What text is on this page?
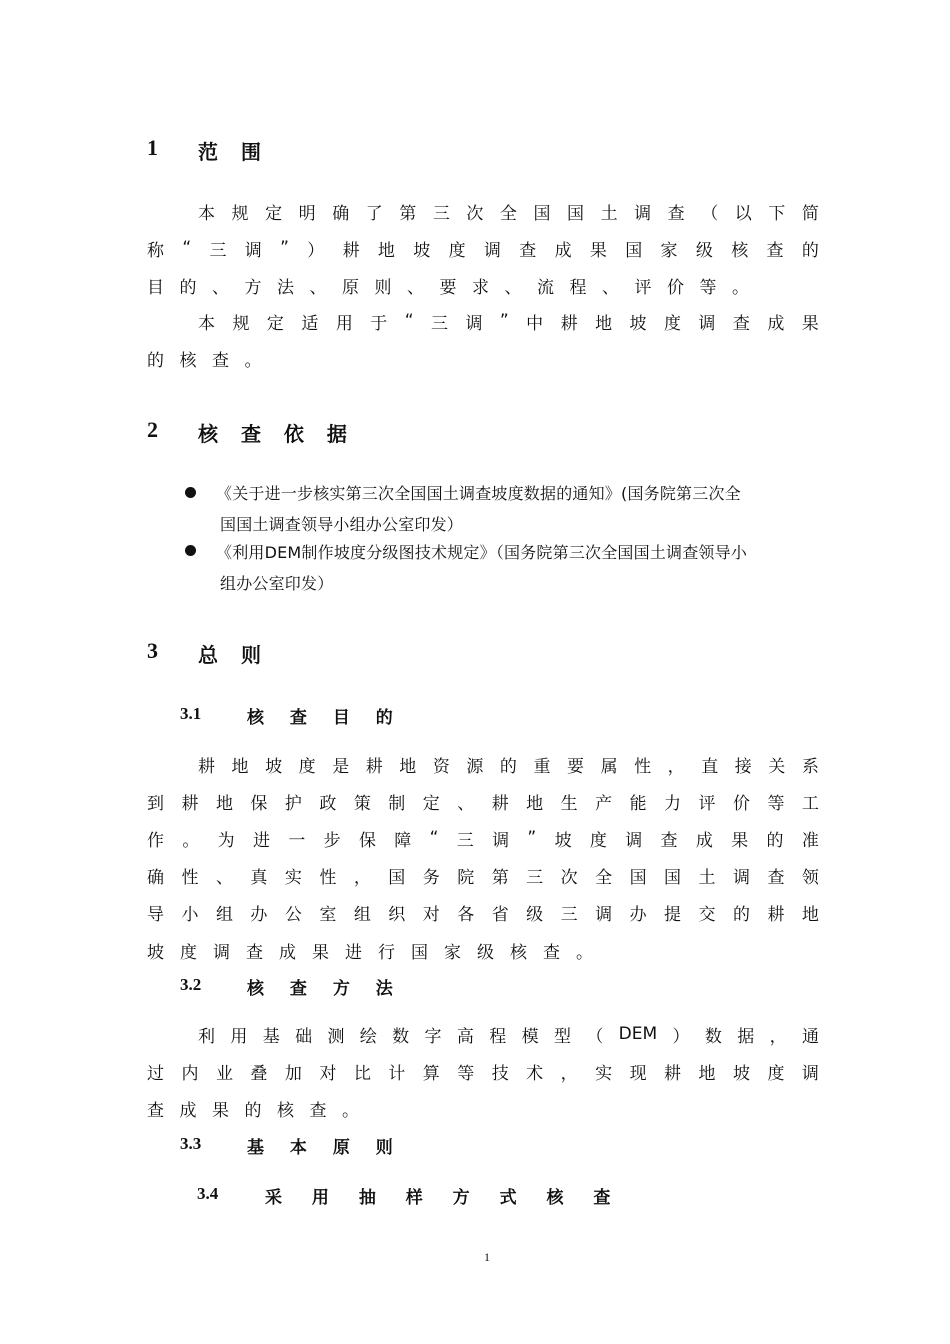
1 范 围
本 规 定 明 确 了 第 三 次 全 国 国 土 调 查 （ 以 下 简
称 “ 三 调 ” ） 耕 地 坡 度 调 查 成 果 国 家 级 核 查 的
目的、方法、原则、要求、流程、评价等。
本 规 定 适 用 于 “ 三 调 ” 中 耕 地 坡 度 调 查 成 果
的核查。
2 核 查 依 据
《关于进一步核实第三次全国国土调查坡度数据的通知》(国务院第三次全
国国土调查领导小组办公室印发）
《利用DEM制作坡度分级图技术规定》（国务院第三次全国国土调查领导小
组办公室印发）
3 总 则
3.1	核 查 目 的
耕 地 坡 度 是 耕 地 资 源 的 重 要 属 性 ， 直 接 关 系
到 耕 地 保 护 政 策 制 定 、 耕 地 生 产 能 力 评 价 等 工
作 。 为 进 一 步 保 障 “ 三 调 ” 坡 度 调 查 成 果 的 准
确 性 、 真 实 性 ， 国 务 院 第 三 次 全 国 国 土 调 查 领
导 小 组 办 公 室 组 织 对 各 省 级 三 调 办 提 交 的 耕 地
坡度调查成果进行国家级核查。
3.2	核 查 方 法
利 用 基 础 测 绘 数 字 高 程 模 型 （ DEM ） 数 据 ， 通
过 内 业 叠 加 对 比 计 算 等 技 术 ， 实 现 耕 地 坡 度 调
查成果的核查。
3.3	基 本 原 则
3.4	采 用 抽 样 方 式 核 查
1
